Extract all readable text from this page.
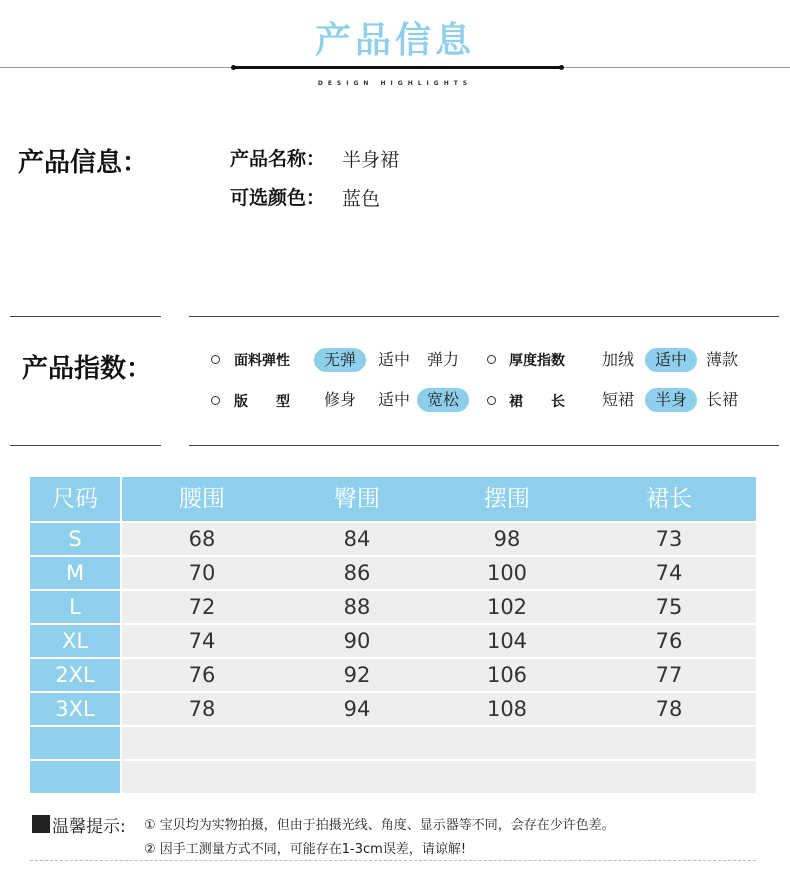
产品信息
DESIGN HIGHLIGHTS
产品信息：	产品名称： 半身裙
可选颜色： 蓝色
产品指数：	面料弹性	无弹	适中	弹力	厚度指数	加绒	适中	薄款
版　　型	修身	适中	宽松	裙　　长	短裙	半身	长裙
尺码	腰围	臀围	摆围	裙长
S	68	84	98	73
M	70	86	100	74
L	72	88	102	75
XL	74	90	104	76
2XL	76	92	106	77
3XL	78	94	108	78
温馨提示: ① 宝贝均为实物拍摄，但由于拍摄光线、角度、显示器等不同，会存在少许色差。
② 因手工测量方式不同，可能存在1-3cm误差，请谅解!
